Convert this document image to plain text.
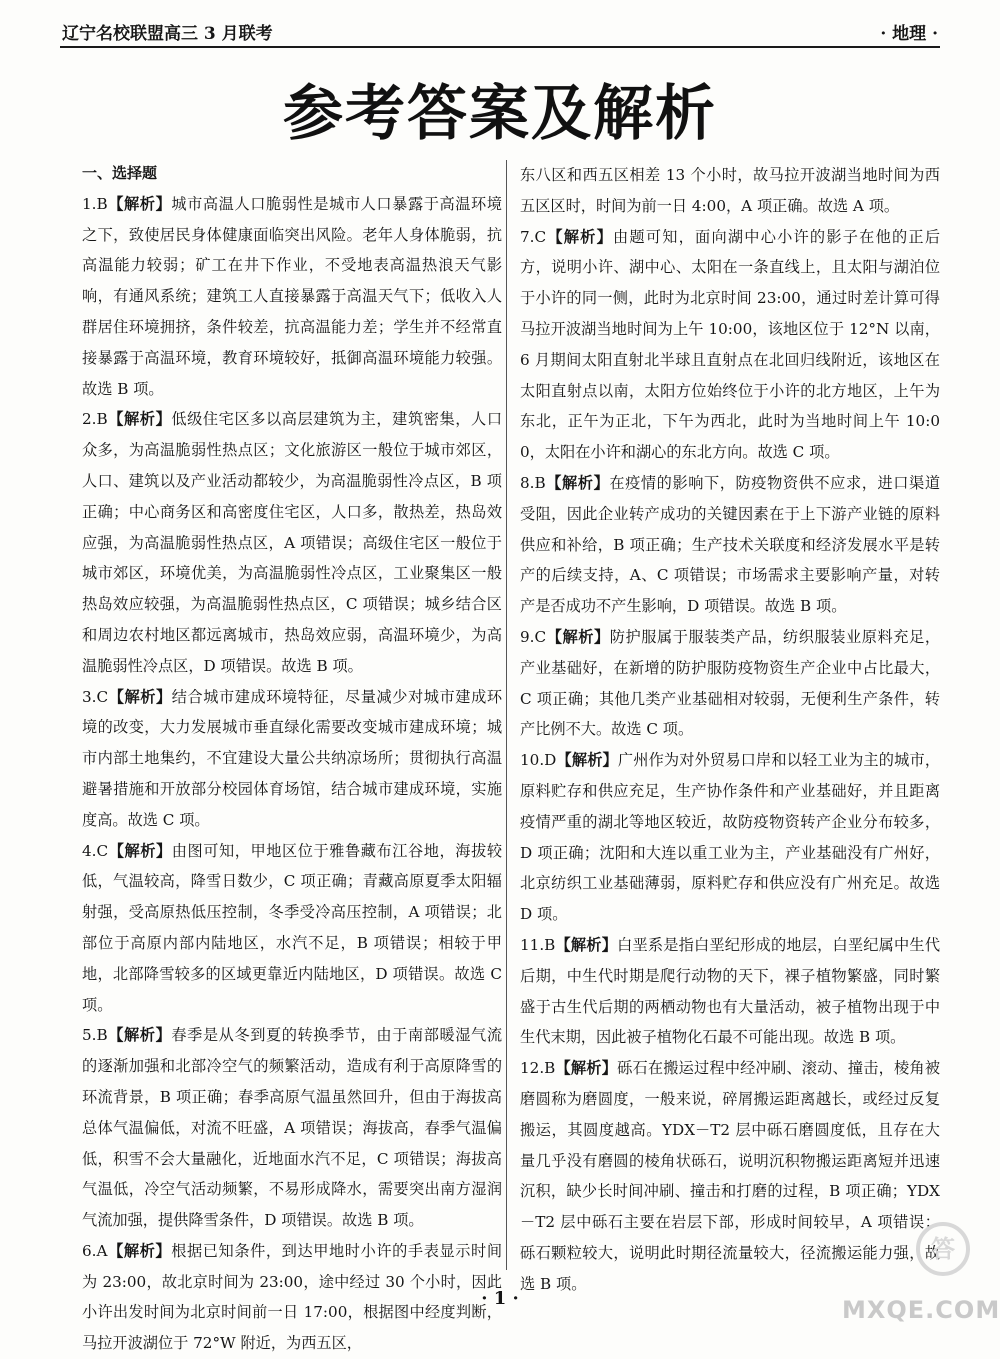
辽宁名校联盟高三 3 月联考	· 地理 ·
参考答案及解析
一、选择题
1.B【解析】城市高温人口脆弱性是城市人口暴露于高温环境之下，致使居民身体健康面临突出风险。老年人身体脆弱，抗高温能力较弱；矿工在井下作业，不受地表高温热浪天气影响，有通风系统；建筑工人直接暴露于高温天气下；低收入人群居住环境拥挤，条件较差，抗高温能力差；学生并不经常直接暴露于高温环境，教育环境较好，抵御高温环境能力较强。故选 B 项。
2.B【解析】低级住宅区多以高层建筑为主，建筑密集，人口众多，为高温脆弱性热点区；文化旅游区一般位于城市郊区，人口、建筑以及产业活动都较少，为高温脆弱性冷点区，B 项正确；中心商务区和高密度住宅区，人口多，散热差，热岛效应强，为高温脆弱性热点区，A 项错误；高级住宅区一般位于城市郊区，环境优美，为高温脆弱性冷点区，工业聚集区一般热岛效应较强，为高温脆弱性热点区，C 项错误；城乡结合区和周边农村地区都远离城市，热岛效应弱，高温环境少，为高温脆弱性冷点区，D 项错误。故选 B 项。
3.C【解析】结合城市建成环境特征，尽量减少对城市建成环境的改变，大力发展城市垂直绿化需要改变城市建成环境；城市内部土地集约，不宜建设大量公共纳凉场所；贯彻执行高温避暑措施和开放部分校园体育场馆，结合城市建成环境，实施度高。故选 C 项。
4.C【解析】由图可知，甲地区位于雅鲁藏布江谷地，海拔较低，气温较高，降雪日数少，C 项正确；青藏高原夏季太阳辐射强，受高原热低压控制，冬季受冷高压控制，A 项错误；北部位于高原内部内陆地区，水汽不足，B 项错误；相较于甲地，北部降雪较多的区域更靠近内陆地区，D 项错误。故选 C 项。
5.B【解析】春季是从冬到夏的转换季节，由于南部暖湿气流的逐渐加强和北部冷空气的频繁活动，造成有利于高原降雪的环流背景，B 项正确；春季高原气温虽然回升，但由于海拔高总体气温偏低，对流不旺盛，A 项错误；海拔高，春季气温偏低，积雪不会大量融化，近地面水汽不足，C 项错误；海拔高气温低，冷空气活动频繁，不易形成降水，需要突出南方湿润气流加强，提供降雪条件，D 项错误。故选 B 项。
6.A【解析】根据已知条件，到达甲地时小许的手表显示时间为 23:00，故北京时间为 23:00，途中经过 30 个小时，因此小许出发时间为北京时间前一日 17:00，根据图中经度判断，马拉开波湖位于 72°W 附近，为西五区，
东八区和西五区相差 13 个小时，故马拉开波湖当地时间为西五区区时，时间为前一日 4:00，A 项正确。故选 A 项。
7.C【解析】由题可知，面向湖中心小许的影子在他的正后方，说明小许、湖中心、太阳在一条直线上，且太阳与湖泊位于小许的同一侧，此时为北京时间 23:00，通过时差计算可得马拉开波湖当地时间为上午 10:00，该地区位于 12°N 以南，6 月期间太阳直射北半球且直射点在北回归线附近，该地区在太阳直射点以南，太阳方位始终位于小许的北方地区，上午为东北，正午为正北，下午为西北，此时为当地时间上午 10:00，太阳在小许和湖心的东北方向。故选 C 项。
8.B【解析】在疫情的影响下，防疫物资供不应求，进口渠道受阻，因此企业转产成功的关键因素在于上下游产业链的原料供应和补给，B 项正确；生产技术关联度和经济发展水平是转产的后续支持，A、C 项错误；市场需求主要影响产量，对转产是否成功不产生影响，D 项错误。故选 B 项。
9.C【解析】防护服属于服装类产品，纺织服装业原料充足，产业基础好，在新增的防护服防疫物资生产企业中占比最大，C 项正确；其他几类产业基础相对较弱，无便利生产条件，转产比例不大。故选 C 项。
10.D【解析】广州作为对外贸易口岸和以轻工业为主的城市，原料贮存和供应充足，生产协作条件和产业基础好，并且距离疫情严重的湖北等地区较近，故防疫物资转产企业分布较多，D 项正确；沈阳和大连以重工业为主，产业基础没有广州好，北京纺织工业基础薄弱，原料贮存和供应没有广州充足。故选 D 项。
11.B【解析】白垩系是指白垩纪形成的地层，白垩纪属中生代后期，中生代时期是爬行动物的天下，裸子植物繁盛，同时繁盛于古生代后期的两栖动物也有大量活动，被子植物出现于中生代末期，因此被子植物化石最不可能出现。故选 B 项。
12.B【解析】砾石在搬运过程中经冲刷、滚动、撞击，棱角被磨圆称为磨圆度，一般来说，碎屑搬运距离越长，或经过反复搬运，其圆度越高。YDX－T2 层中砾石磨圆度低，且存在大量几乎没有磨圆的棱角状砾石，说明沉积物搬运距离短并迅速沉积，缺少长时间冲刷、撞击和打磨的过程，B 项正确；YDX－T2 层中砾石主要在岩层下部，形成时间较早，A 项错误；砾石颗粒较大，说明此时期径流量较大，径流搬运能力强，故选 B 项。
· 1 ·
答
MXQE.COM
